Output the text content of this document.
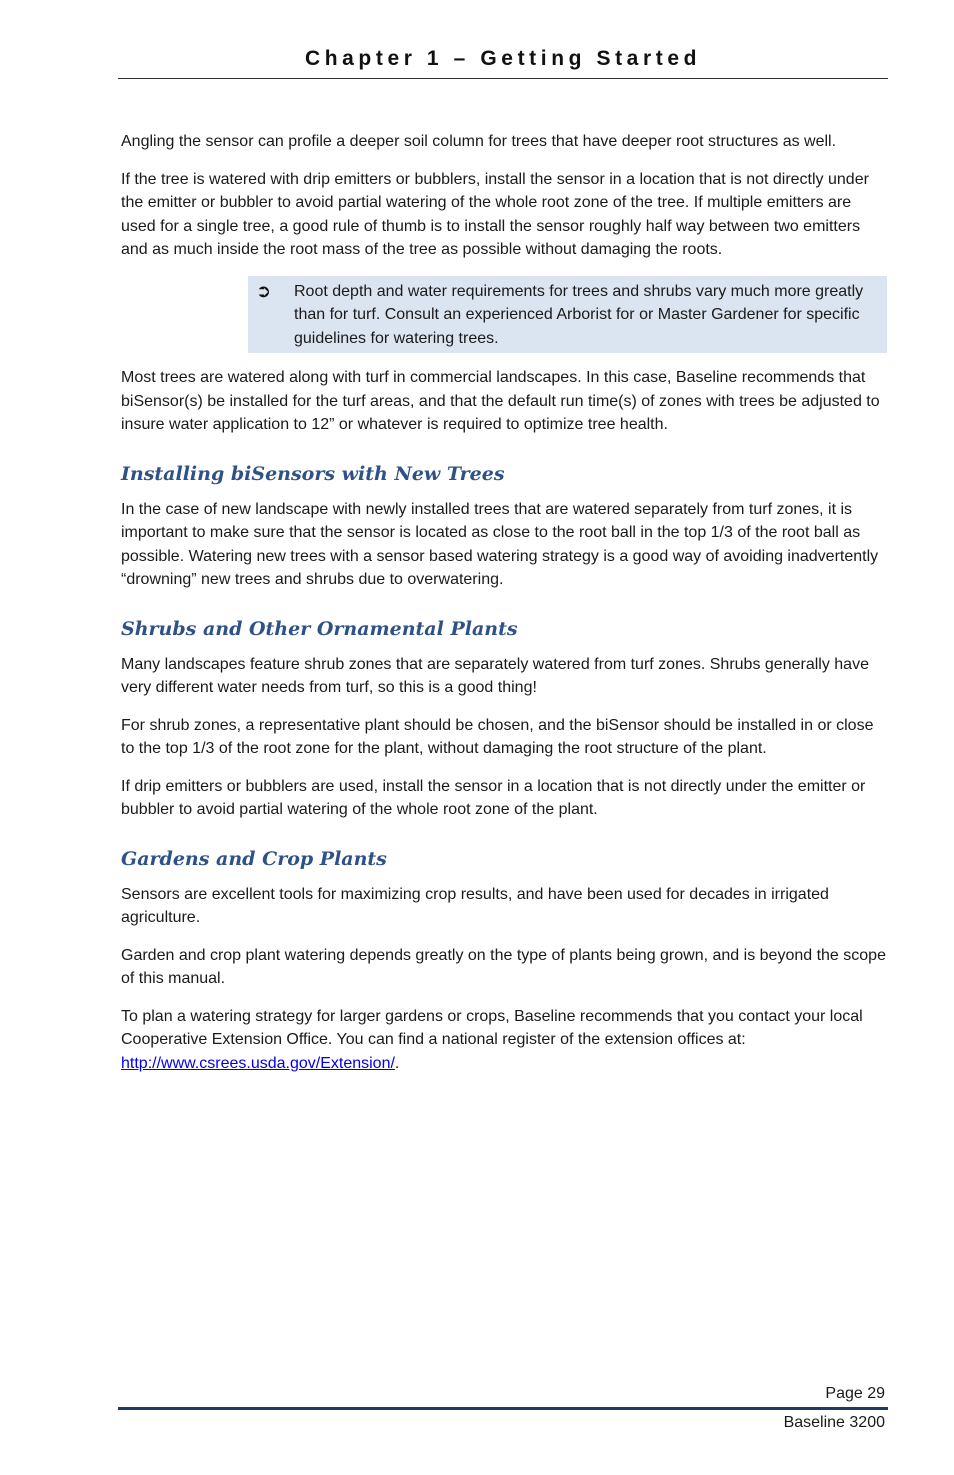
Chapter 1 – Getting Started

Angling the sensor can profile a deeper soil column for trees that have deeper root structures as well.

If the tree is watered with drip emitters or bubblers, install the sensor in a location that is not directly under the emitter or bubbler to avoid partial watering of the whole root zone of the tree. If multiple emitters are used for a single tree, a good rule of thumb is to install the sensor roughly half way between two emitters and as much inside the root mass of the tree as possible without damaging the roots.

➲	Root depth and water requirements for trees and shrubs vary much more greatly than for turf. Consult an experienced Arborist for or Master Gardener for specific guidelines for watering trees.

Most trees are watered along with turf in commercial landscapes. In this case, Baseline recommends that biSensor(s) be installed for the turf areas, and that the default run time(s) of zones with trees be adjusted to insure water application to 12” or whatever is required to optimize tree health.

Installing biSensors with New Trees

In the case of new landscape with newly installed trees that are watered separately from turf zones, it is important to make sure that the sensor is located as close to the root ball in the top 1/3 of the root ball as possible. Watering new trees with a sensor based watering strategy is a good way of avoiding inadvertently “drowning” new trees and shrubs due to overwatering.

Shrubs and Other Ornamental Plants

Many landscapes feature shrub zones that are separately watered from turf zones. Shrubs generally have very different water needs from turf, so this is a good thing!

For shrub zones, a representative plant should be chosen, and the biSensor should be installed in or close to the top 1/3 of the root zone for the plant, without damaging the root structure of the plant.

If drip emitters or bubblers are used, install the sensor in a location that is not directly under the emitter or bubbler to avoid partial watering of the whole root zone of the plant.

Gardens and Crop Plants

Sensors are excellent tools for maximizing crop results, and have been used for decades in irrigated agriculture.

Garden and crop plant watering depends greatly on the type of plants being grown, and is beyond the scope of this manual.

To plan a watering strategy for larger gardens or crops, Baseline recommends that you contact your local Cooperative Extension Office. You can find a national register of the extension offices at: http://www.csrees.usda.gov/Extension/.

Page 29
Baseline 3200
